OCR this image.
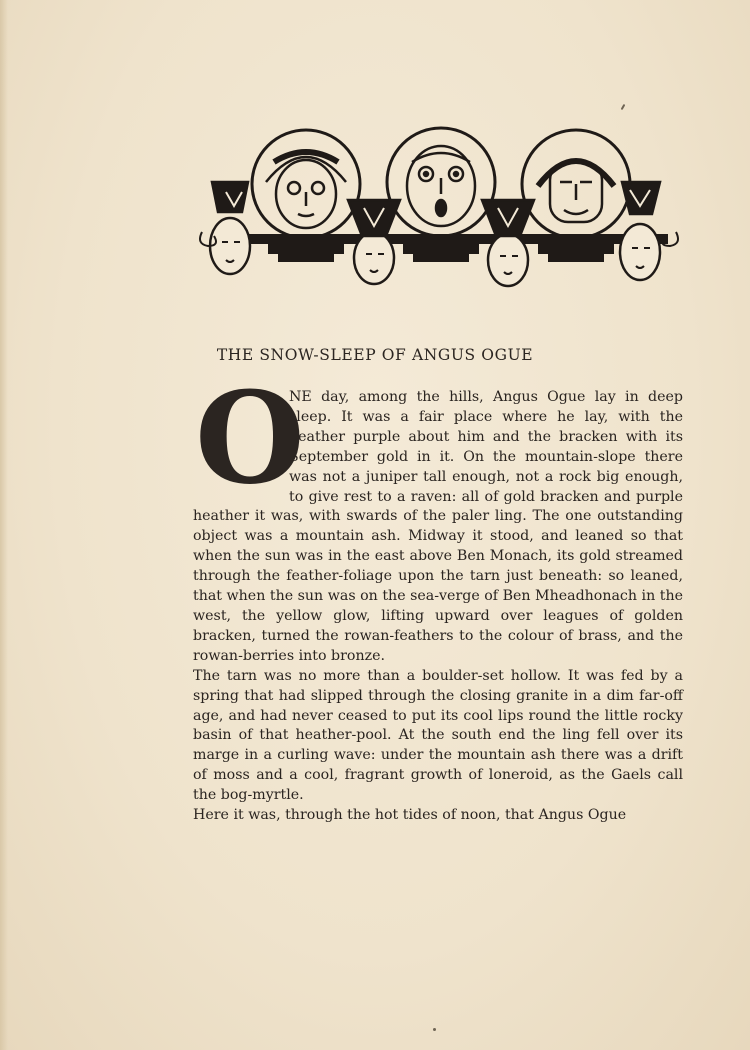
THE SNOW-SLEEP OF ANGUS OGUE
O

NE day, among the hills, Angus Ogue lay in deep sleep. It was a fair place where he lay, with the heather purple about him and the bracken with its September gold in it. On the mountain-slope there was not a juniper tall enough, not a rock big enough, to give rest to a raven: all of gold bracken and purple heather it was, with swards of the paler ling. The one outstanding object was a mountain ash. Midway it stood, and leaned so that when the sun was in the east above Ben Monach, its gold streamed through the feather-foliage upon the tarn just beneath: so leaned, that when the sun was on the sea-verge of Ben Mheadhonach in the west, the yellow glow, lifting upward over leagues of golden bracken, turned the rowan-feathers to the colour of brass, and the rowan-berries into bronze.

The tarn was no more than a boulder-set hollow. It was fed by a spring that had slipped through the closing granite in a dim far-off age, and had never ceased to put its cool lips round the little rocky basin of that heather-pool. At the south end the ling fell over its marge in a curling wave: under the mountain ash there was a drift of moss and a cool, fragrant growth of loneroid, as the Gaels call the bog-myrtle.

Here it was, through the hot tides of noon, that Angus Ogue
